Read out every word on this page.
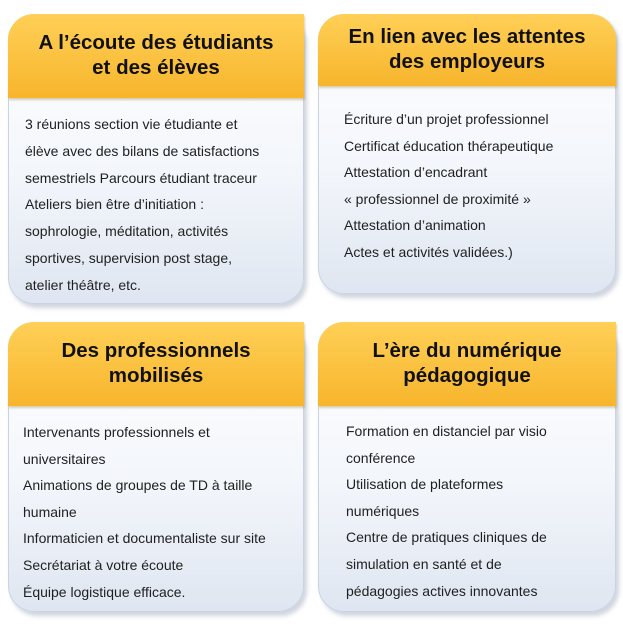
A l’écoute des étudiants
et des élèves
3 réunions section vie étudiante et
élève avec des bilans de satisfactions
semestriels Parcours étudiant traceur
Ateliers bien être d’initiation :
sophrologie, méditation, activités
sportives, supervision post stage,
atelier théâtre, etc.
En lien avec les attentes
des employeurs
Écriture d’un projet professionnel
Certificat éducation thérapeutique
Attestation d’encadrant
« professionnel de proximité »
Attestation d’animation
Actes et activités validées.)
Des professionnels
mobilisés
Intervenants professionnels et
universitaires
Animations de groupes de TD à taille
humaine
Informaticien et documentaliste sur site
Secrétariat à votre écoute
Équipe logistique efficace.
L’ère du numérique
pédagogique
Formation en distanciel par visio
conférence
Utilisation de plateformes
numériques
Centre de pratiques cliniques de
simulation en santé et de
pédagogies actives innovantes
